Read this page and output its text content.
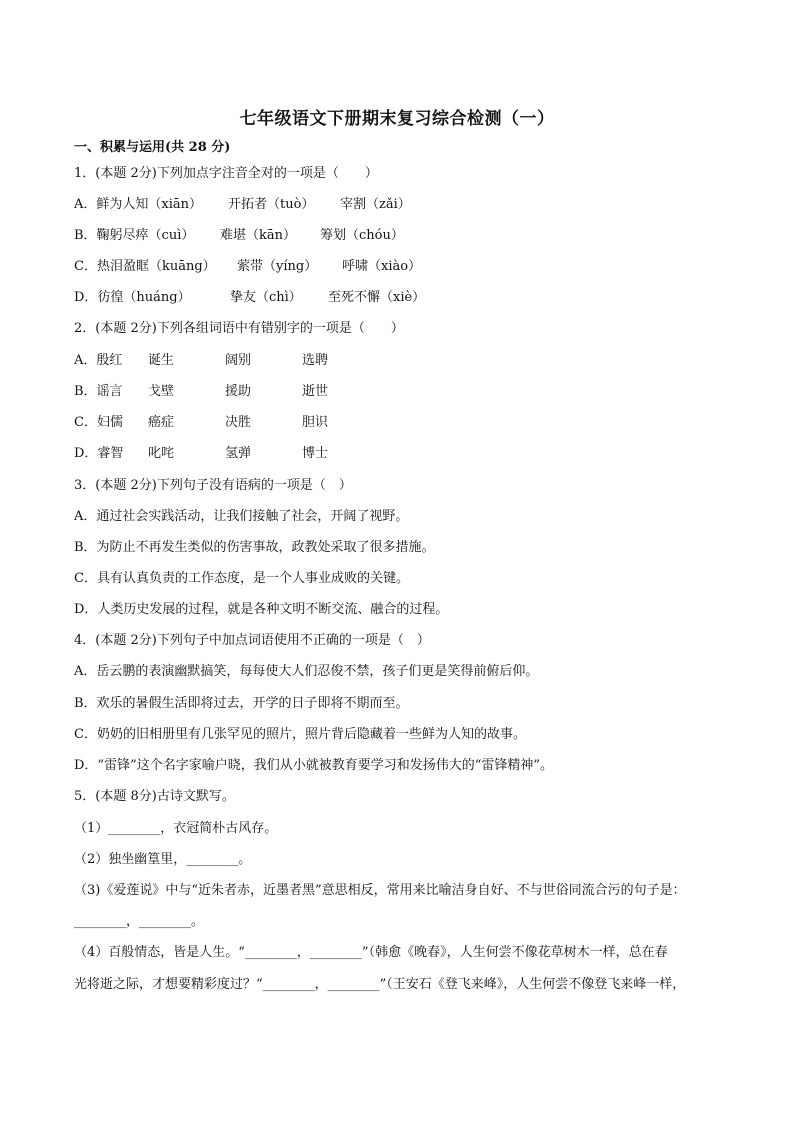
七年级语文下册期末复习综合检测（一）
一、积累与运用(共 28 分)
1．(本题 2分)下列加点字注音全对的一项是（　　）
A．鲜为人知（xiān） 开拓者（tuò） 宰割（zǎi）
B．鞠躬尽瘁（cuì） 难堪（kān） 筹划（chóu）
C．热泪盈眶（kuāng） 萦带（yíng） 呼啸（xiào）
D．彷徨（huáng）	挚友（chì） 至死不懈（xiè）
2．(本题 2分)下列各组词语中有错别字的一项是（　　）
A．殷红 诞生	阔别	选聘
B．谣言 戈壁	援助	逝世
C．妇儒 癌症	决胜	胆识
D．睿智 叱咤	氢弹	博士
3．(本题 2分)下列句子没有语病的一项是（　）
A．通过社会实践活动，让我们接触了社会，开阔了视野。
B．为防止不再发生类似的伤害事故，政教处采取了很多措施。
C．具有认真负责的工作态度，是一个人事业成败的关键。
D．人类历史发展的过程，就是各种文明不断交流、融合的过程。
4．(本题 2分)下列句子中加点词语使用不正确的一项是（　）
A．岳云鹏的表演幽默搞笑，每每使大人们忍俊不禁，孩子们更是笑得前俯后仰。
B．欢乐的暑假生活即将过去，开学的日子即将不期而至。
C．奶奶的旧相册里有几张罕见的照片，照片背后隐藏着一些鲜为人知的故事。
D．“雷锋”这个名字家喻户晓，我们从小就被教育要学习和发扬伟大的“雷锋精神”。
5．(本题 8分)古诗文默写。
（1）________，衣冠简朴古风存。
（2）独坐幽篁里，________。
（3)《爱莲说》中与“近朱者赤，近墨者黑”意思相反，常用来比喻洁身自好、不与世俗同流合污的句子是：
________，________。
（4）百般情态，皆是人生。“________，________”（韩愈《晚春》，人生何尝不像花草树木一样，总在春
光将逝之际，才想要精彩度过？“________，________”（王安石《登飞来峰》，人生何尝不像登飞来峰一样，
